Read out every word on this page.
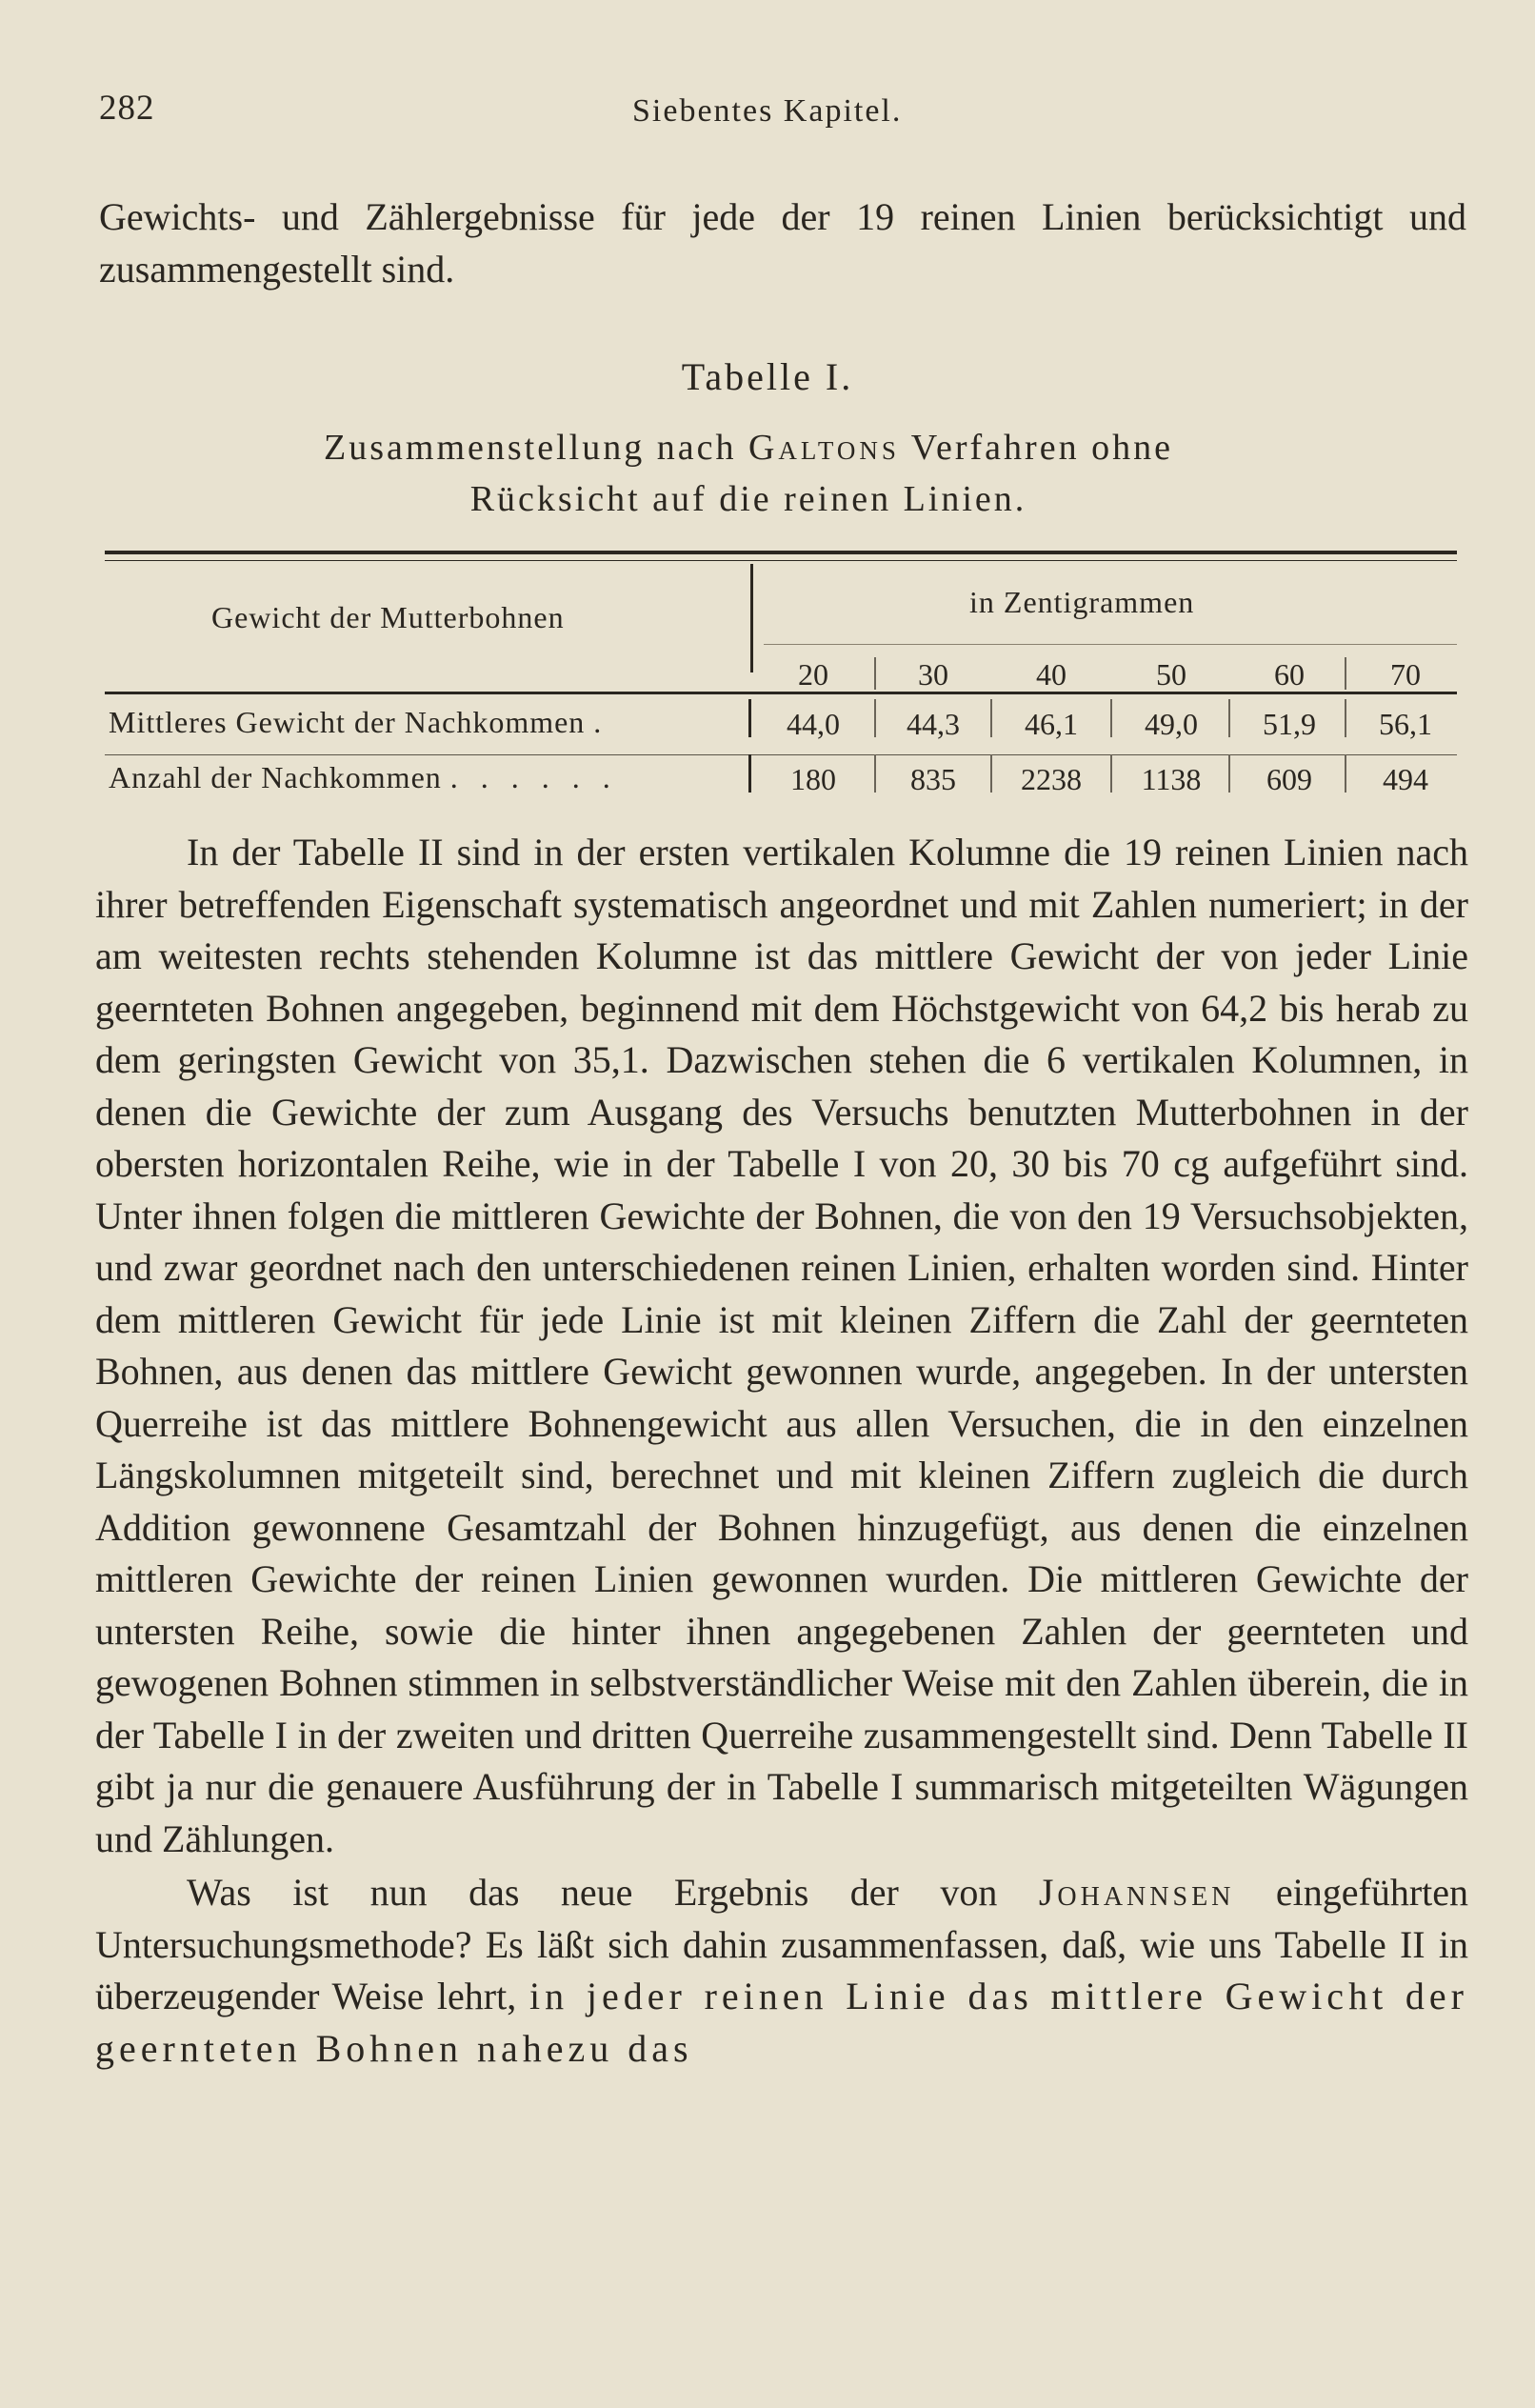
282	Siebentes Kapitel.
Gewichts- und Zählergebnisse für jede der 19 reinen Linien berücksichtigt und zusammengestellt sind.
Tabelle I.
Zusammenstellung nach Galtons Verfahren ohne
Rücksicht auf die reinen Linien.
Gewicht der Mutterbohnen	in Zentigrammen
20	30	40	50	60	70
Mittleres Gewicht der Nachkommen .	44,0	44,3	46,1	49,0	51,9	56,1
Anzahl der Nachkommen . . . . . .	180	835	2238	1138	609	494

In der Tabelle II sind in der ersten vertikalen Kolumne die 19 reinen Linien nach ihrer betreffenden Eigenschaft systematisch angeordnet und mit Zahlen numeriert; in der am weitesten rechts stehenden Kolumne ist das mittlere Gewicht der von jeder Linie geernteten Bohnen angegeben, beginnend mit dem Höchstgewicht von 64,2 bis herab zu dem geringsten Gewicht von 35,1. Dazwischen stehen die 6 vertikalen Kolumnen, in denen die Gewichte der zum Ausgang des Versuchs benutzten Mutterbohnen in der obersten horizontalen Reihe, wie in der Tabelle I von 20, 30 bis 70 cg aufgeführt sind. Unter ihnen folgen die mittleren Gewichte der Bohnen, die von den 19 Versuchsobjekten, und zwar geordnet nach den unterschiedenen reinen Linien, erhalten worden sind. Hinter dem mittleren Gewicht für jede Linie ist mit kleinen Ziffern die Zahl der geernteten Bohnen, aus denen das mittlere Gewicht gewonnen wurde, angegeben. In der untersten Querreihe ist das mittlere Bohnengewicht aus allen Versuchen, die in den einzelnen Längskolumnen mitgeteilt sind, berechnet und mit kleinen Ziffern zugleich die durch Addition gewonnene Gesamtzahl der Bohnen hinzugefügt, aus denen die einzelnen mittleren Gewichte der reinen Linien gewonnen wurden. Die mittleren Gewichte der untersten Reihe, sowie die hinter ihnen angegebenen Zahlen der geernteten und gewogenen Bohnen stimmen in selbstverständlicher Weise mit den Zahlen überein, die in der Tabelle I in der zweiten und dritten Querreihe zusammengestellt sind. Denn Tabelle II gibt ja nur die genauere Ausführung der in Tabelle I summarisch mitgeteilten Wägungen und Zählungen.

Was ist nun das neue Ergebnis der von Johannsen eingeführten Untersuchungsmethode? Es läßt sich dahin zusammenfassen, daß, wie uns Tabelle II in überzeugender Weise lehrt, in jeder reinen Linie das mittlere Gewicht der geernteten Bohnen nahezu das
